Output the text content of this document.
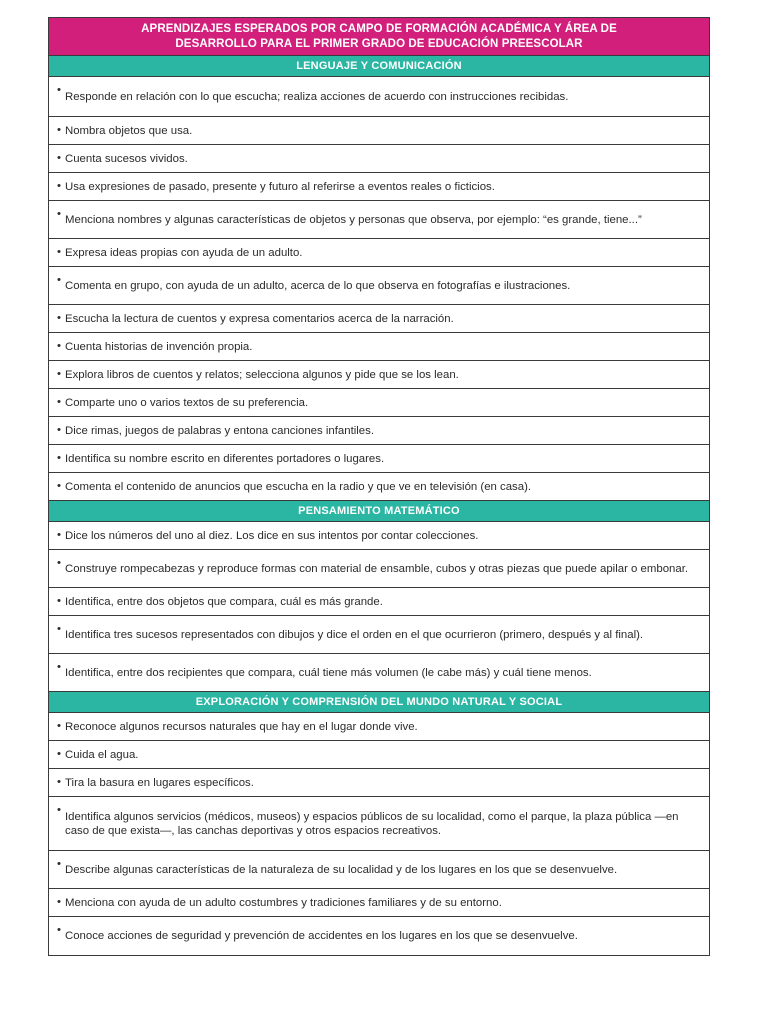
APRENDIZAJES ESPERADOS POR CAMPO DE FORMACIÓN ACADÉMICA Y ÁREA DE
DESARROLLO PARA EL PRIMER GRADO DE EDUCACIÓN PREESCOLAR
LENGUAJE Y COMUNICACIÓN
•
Responde en relación con lo que escucha; realiza acciones de acuerdo con instrucciones recibidas.
• Nombra objetos que usa.
• Cuenta sucesos vividos.
• Usa expresiones de pasado, presente y futuro al referirse a eventos reales o ficticios.
• Menciona nombres y algunas características de objetos y personas que observa, por ejemplo: “es grande, tiene...”
• Expresa ideas propias con ayuda de un adulto.
• Comenta en grupo, con ayuda de un adulto, acerca de lo que observa en fotografías e ilustraciones.
• Escucha la lectura de cuentos y expresa comentarios acerca de la narración.
• Cuenta historias de invención propia.
• Explora libros de cuentos y relatos; selecciona algunos y pide que se los lean.
• Comparte uno o varios textos de su preferencia.
• Dice rimas, juegos de palabras y entona canciones infantiles.
• Identifica su nombre escrito en diferentes portadores o lugares.
• Comenta el contenido de anuncios que escucha en la radio y que ve en televisión (en casa).
PENSAMIENTO MATEMÁTICO
• Dice los números del uno al diez. Los dice en sus intentos por contar colecciones.
• Construye rompecabezas y reproduce formas con material de ensamble, cubos y otras piezas que puede apilar o embonar.
• Identifica, entre dos objetos que compara, cuál es más grande.
• Identifica tres sucesos representados con dibujos y dice el orden en el que ocurrieron (primero, después y al final).
• Identifica, entre dos recipientes que compara, cuál tiene más volumen (le cabe más) y cuál tiene menos.
EXPLORACIÓN Y COMPRENSIÓN DEL MUNDO NATURAL Y SOCIAL
• Reconoce algunos recursos naturales que hay en el lugar donde vive.
• Cuida el agua.
• Tira la basura en lugares específicos.
•
Identifica algunos servicios (médicos, museos) y espacios públicos de su localidad, como el parque, la plaza pública —en caso de que exista—, las canchas deportivas y otros espacios recreativos.
• Describe algunas características de la naturaleza de su localidad y de los lugares en los que se desenvuelve.
• Menciona con ayuda de un adulto costumbres y tradiciones familiares y de su entorno.
• Conoce acciones de seguridad y prevención de accidentes en los lugares en los que se desenvuelve.
